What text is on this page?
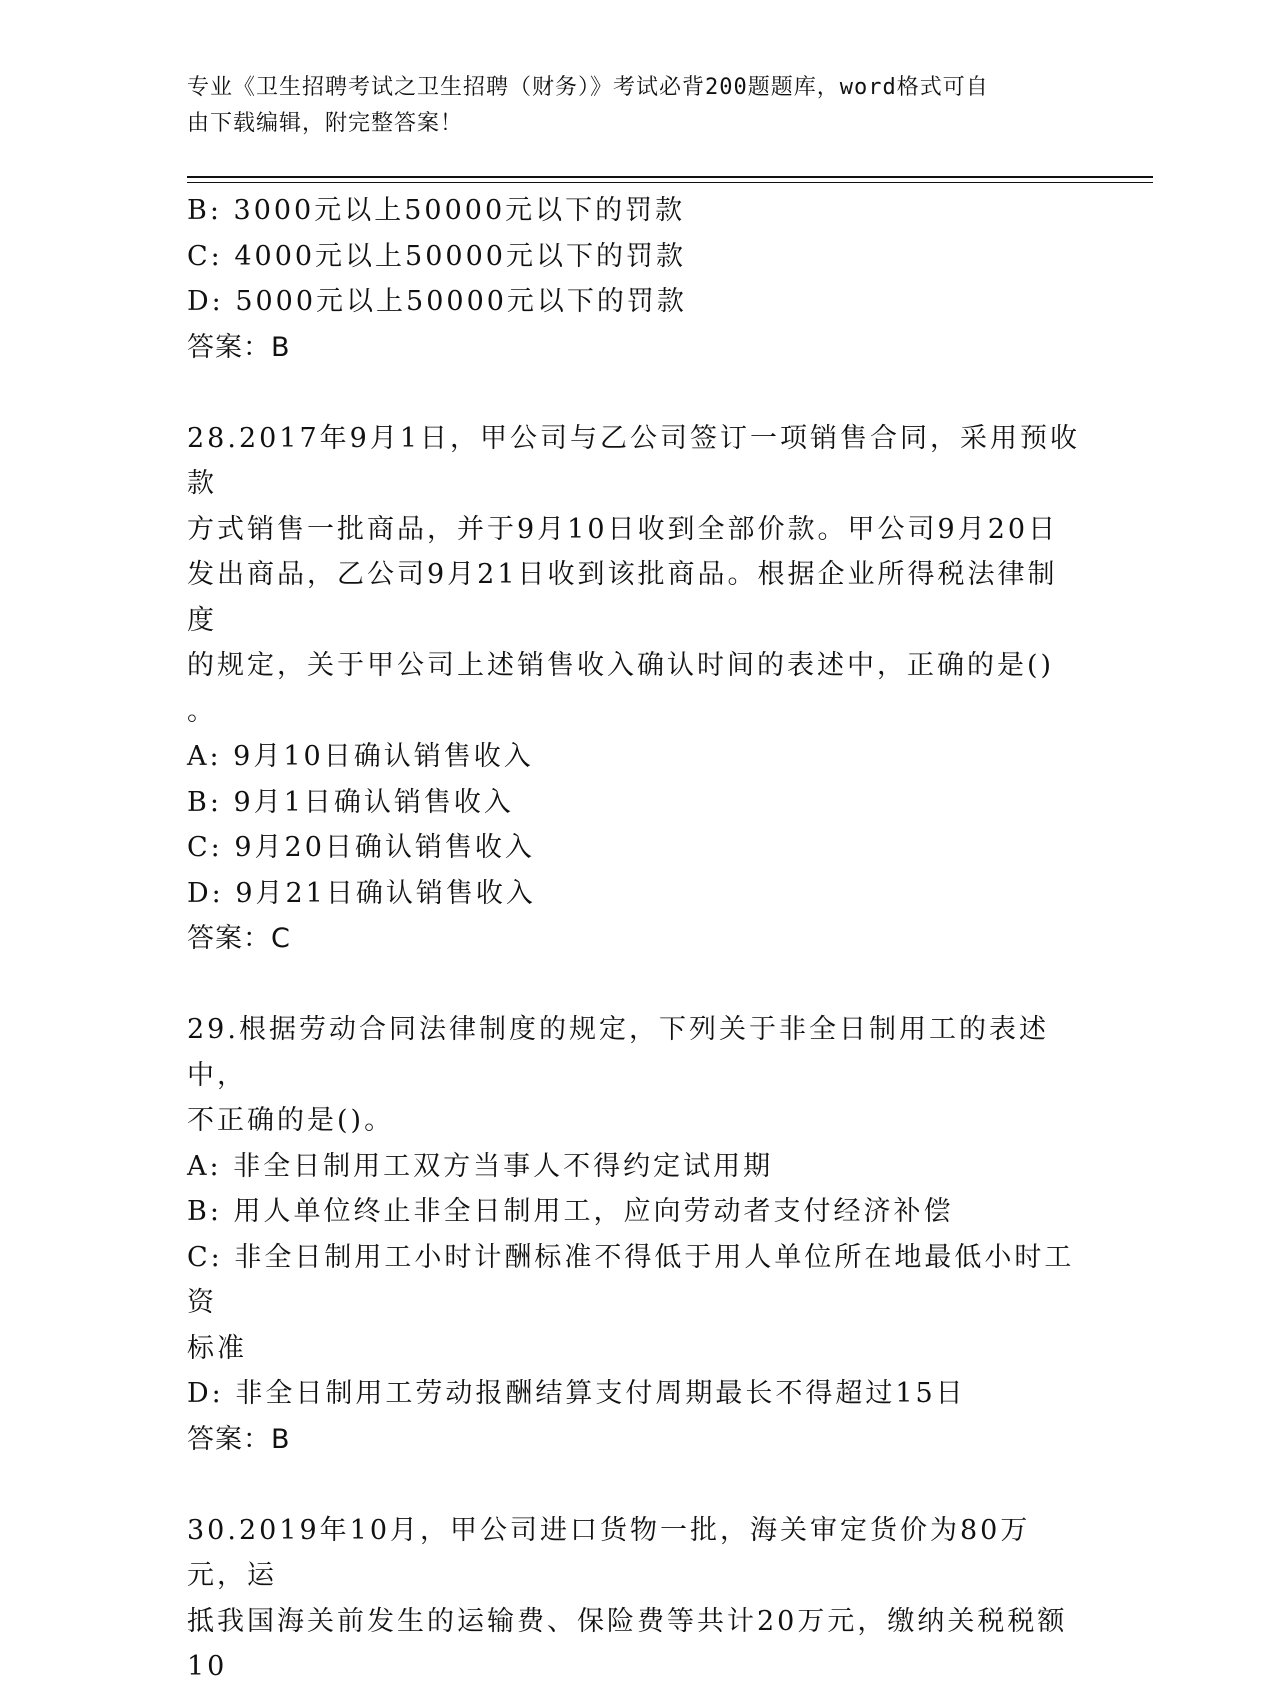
专业《卫生招聘考试之卫生招聘（财务）》考试必背200题题库，word格式可自
由下载编辑，附完整答案！

B: 3000元以上50000元以下的罚款

C: 4000元以上50000元以下的罚款

D: 5000元以上50000元以下的罚款

答案：B

28.2017年9月1日，甲公司与乙公司签订一项销售合同，采用预收款

方式销售一批商品，并于9月10日收到全部价款。甲公司9月20日

发出商品，乙公司9月21日收到该批商品。根据企业所得税法律制度

的规定，关于甲公司上述销售收入确认时间的表述中，正确的是()

。

A: 9月10日确认销售收入

B: 9月1日确认销售收入

C: 9月20日确认销售收入

D: 9月21日确认销售收入

答案：C

29.根据劳动合同法律制度的规定，下列关于非全日制用工的表述中，

不正确的是()。

A: 非全日制用工双方当事人不得约定试用期

B: 用人单位终止非全日制用工，应向劳动者支付经济补偿

C: 非全日制用工小时计酬标准不得低于用人单位所在地最低小时工资

标准

D: 非全日制用工劳动报酬结算支付周期最长不得超过15日

答案：B

30.2019年10月，甲公司进口货物一批，海关审定货价为80万元，运

抵我国海关前发生的运输费、保险费等共计20万元，缴纳关税税额10
